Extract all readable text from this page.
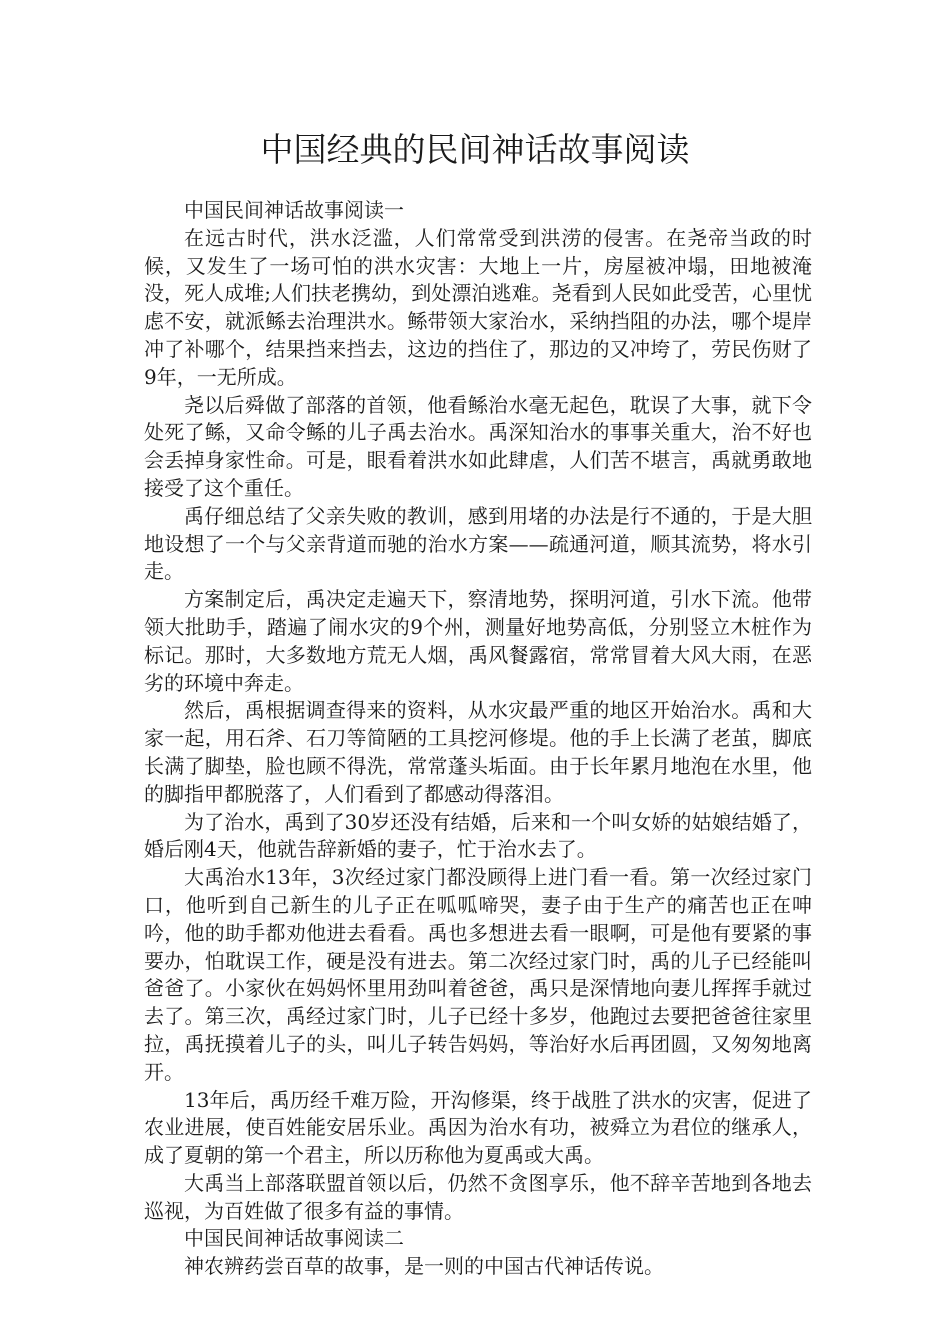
中国经典的民间神话故事阅读

中国民间神话故事阅读一

在远古时代，洪水泛滥，人们常常受到洪涝的侵害。在尧帝当政的时候，又发生了一场可怕的洪水灾害：大地上一片，房屋被冲塌，田地被淹没，死人成堆;人们扶老携幼，到处漂泊逃难。尧看到人民如此受苦，心里忧虑不安，就派鲧去治理洪水。鲧带领大家治水，采纳挡阻的办法，哪个堤岸冲了补哪个，结果挡来挡去，这边的挡住了，那边的又冲垮了，劳民伤财了9年，一无所成。

尧以后舜做了部落的首领，他看鲧治水毫无起色，耽误了大事，就下令处死了鲧，又命令鲧的儿子禹去治水。禹深知治水的事事关重大，治不好也会丢掉身家性命。可是，眼看着洪水如此肆虐，人们苦不堪言，禹就勇敢地接受了这个重任。

禹仔细总结了父亲失败的教训，感到用堵的办法是行不通的，于是大胆地设想了一个与父亲背道而驰的治水方案——疏通河道，顺其流势，将水引走。

方案制定后，禹决定走遍天下，察清地势，探明河道，引水下流。他带领大批助手，踏遍了闹水灾的9个州，测量好地势高低，分别竖立木桩作为标记。那时，大多数地方荒无人烟，禹风餐露宿，常常冒着大风大雨，在恶劣的环境中奔走。

然后，禹根据调查得来的资料，从水灾最严重的地区开始治水。禹和大家一起，用石斧、石刀等简陋的工具挖河修堤。他的手上长满了老茧，脚底长满了脚垫，脸也顾不得洗，常常蓬头垢面。由于长年累月地泡在水里，他的脚指甲都脱落了，人们看到了都感动得落泪。

为了治水，禹到了30岁还没有结婚，后来和一个叫女娇的姑娘结婚了，婚后刚4天，他就告辞新婚的妻子，忙于治水去了。

大禹治水13年，3次经过家门都没顾得上进门看一看。第一次经过家门口，他听到自己新生的儿子正在呱呱啼哭，妻子由于生产的痛苦也正在呻吟，他的助手都劝他进去看看。禹也多想进去看一眼啊，可是他有要紧的事要办，怕耽误工作，硬是没有进去。第二次经过家门时，禹的儿子已经能叫爸爸了。小家伙在妈妈怀里用劲叫着爸爸，禹只是深情地向妻儿挥挥手就过去了。第三次，禹经过家门时，儿子已经十多岁，他跑过去要把爸爸往家里拉，禹抚摸着儿子的头，叫儿子转告妈妈，等治好水后再团圆，又匆匆地离开。

13年后，禹历经千难万险，开沟修渠，终于战胜了洪水的灾害，促进了农业进展，使百姓能安居乐业。禹因为治水有功，被舜立为君位的继承人，成了夏朝的第一个君主，所以历称他为夏禹或大禹。

大禹当上部落联盟首领以后，仍然不贪图享乐，他不辞辛苦地到各地去巡视，为百姓做了很多有益的事情。

中国民间神话故事阅读二

神农辨药尝百草的故事，是一则的中国古代神话传说。
